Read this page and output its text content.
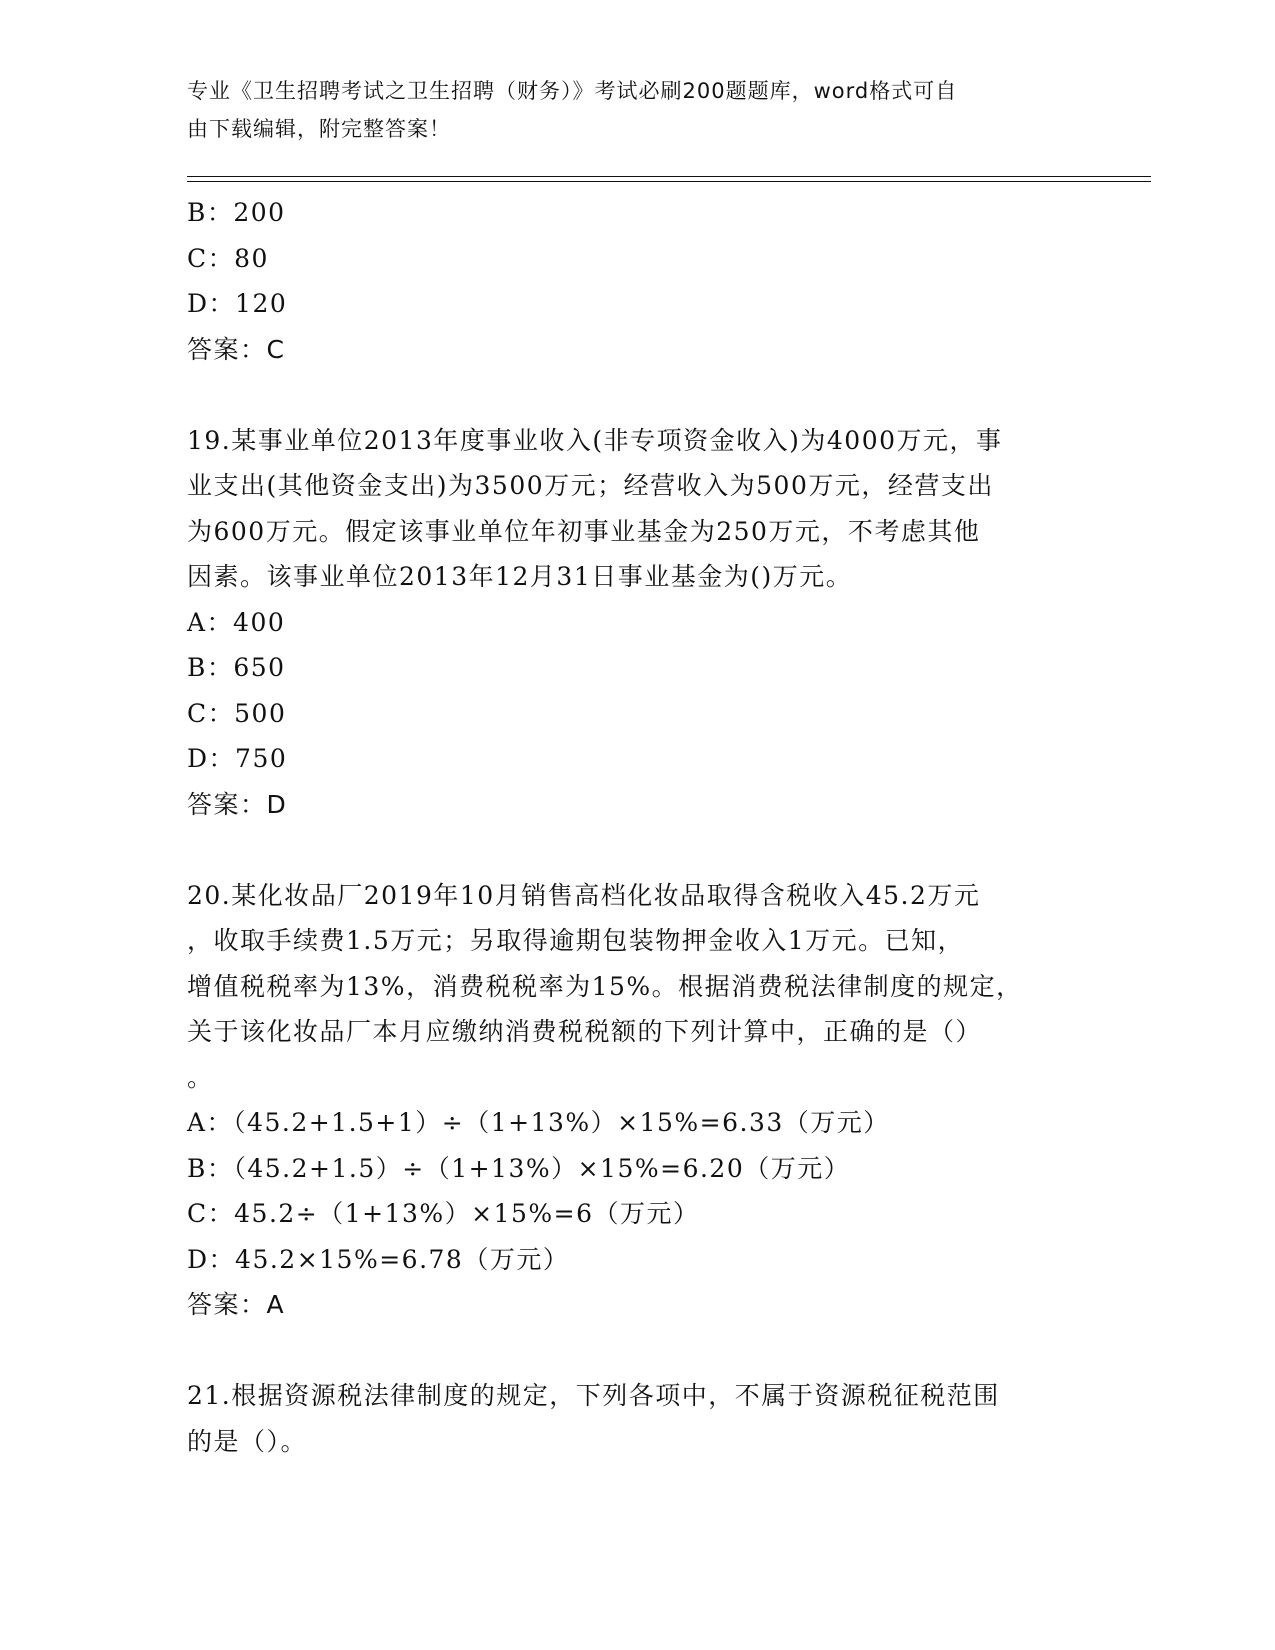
专业《卫生招聘考试之卫生招聘（财务）》考试必刷200题题库，word格式可自
由下载编辑，附完整答案！
B：200
C：80
D：120
答案：C
19.某事业单位2013年度事业收入(非专项资金收入)为4000万元，事
业支出(其他资金支出)为3500万元；经营收入为500万元，经营支出
为600万元。假定该事业单位年初事业基金为250万元，不考虑其他
因素。该事业单位2013年12月31日事业基金为()万元。
A：400
B：650
C：500
D：750
答案：D
20.某化妆品厂2019年10月销售高档化妆品取得含税收入45.2万元
，收取手续费1.5万元；另取得逾期包装物押金收入1万元。已知，
增值税税率为13%，消费税税率为15%。根据消费税法律制度的规定，
关于该化妆品厂本月应缴纳消费税税额的下列计算中，正确的是（）
。
A：（45.2+1.5+1）÷（1+13%）×15%=6.33（万元）
B：（45.2+1.5）÷（1+13%）×15%=6.20（万元）
C：45.2÷（1+13%）×15%=6（万元）
D：45.2×15%=6.78（万元）
答案：A
21.根据资源税法律制度的规定，下列各项中，不属于资源税征税范围
的是（）。
